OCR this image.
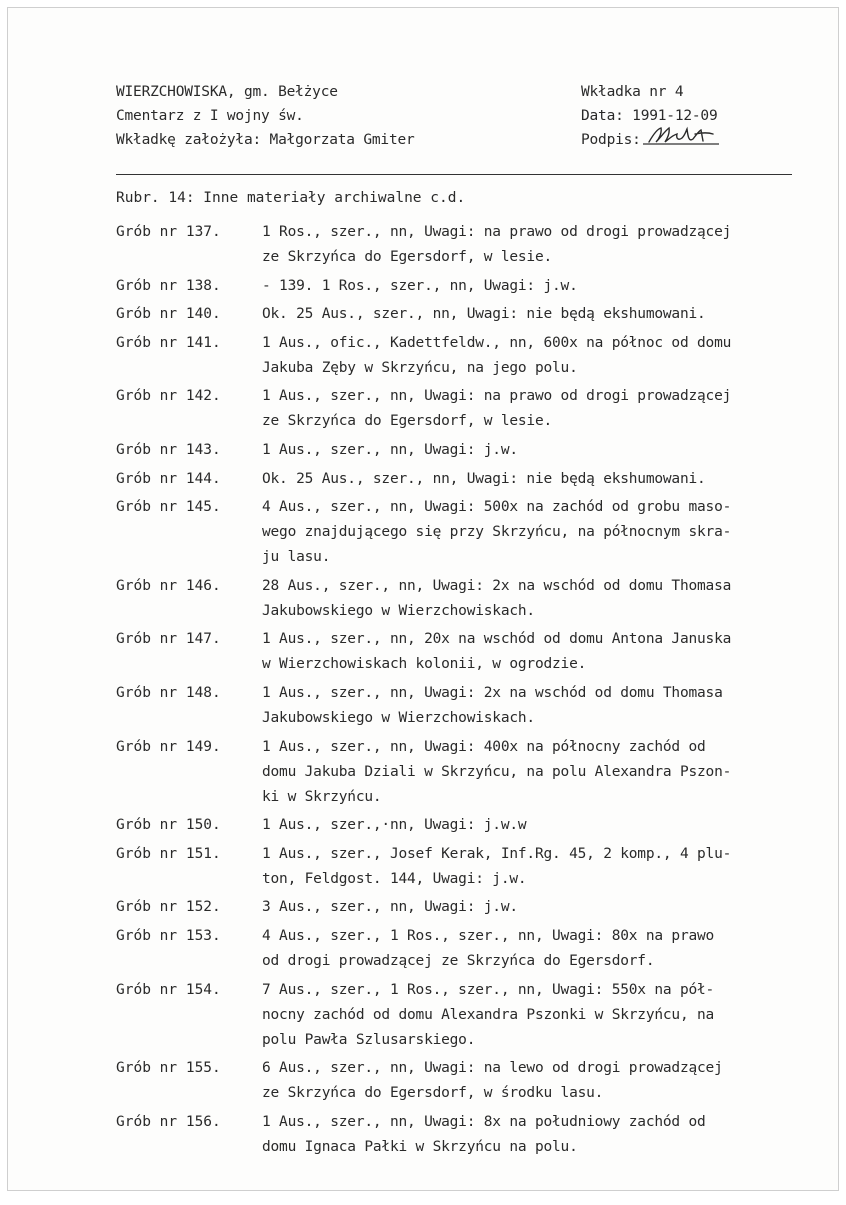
WIERZCHOWISKA, gm. Bełżyce
Cmentarz z I wojny św.
Wkładkę założyła: Małgorzata Gmiter
Wkładka nr 4
Data: 1991-12-09
Podpis:
Rubr. 14: Inne materiały archiwalne c.d.
Grób nr 137.	1 Ros., szer., nn, Uwagi: na prawo od drogi prowadzącej
ze Skrzyńca do Egersdorf, w lesie.
Grób nr 138.	- 139. 1 Ros., szer., nn, Uwagi: j.w.
Grób nr 140.	Ok. 25 Aus., szer., nn, Uwagi: nie będą ekshumowani.
Grób nr 141.	1 Aus., ofic., Kadettfeldw., nn, 600x na północ od domu
Jakuba Zęby w Skrzyńcu, na jego polu.
Grób nr 142.	1 Aus., szer., nn, Uwagi: na prawo od drogi prowadzącej
ze Skrzyńca do Egersdorf, w lesie.
Grób nr 143.	1 Aus., szer., nn, Uwagi: j.w.
Grób nr 144.	Ok. 25 Aus., szer., nn, Uwagi: nie będą ekshumowani.
Grób nr 145.	4 Aus., szer., nn, Uwagi: 500x na zachód od grobu maso-
wego znajdującego się przy Skrzyńcu, na północnym skra-
ju lasu.
Grób nr 146.	28 Aus., szer., nn, Uwagi: 2x na wschód od domu Thomasa
Jakubowskiego w Wierzchowiskach.
Grób nr 147.	1 Aus., szer., nn, 20x na wschód od domu Antona Januska
w Wierzchowiskach kolonii, w ogrodzie.
Grób nr 148.	1 Aus., szer., nn, Uwagi: 2x na wschód od domu Thomasa
Jakubowskiego w Wierzchowiskach.
Grób nr 149.	1 Aus., szer., nn, Uwagi: 400x na północny zachód od
domu Jakuba Dziali w Skrzyńcu, na polu Alexandra Pszon-
ki w Skrzyńcu.
Grób nr 150.	1 Aus., szer.,·nn, Uwagi: j.w.w
Grób nr 151.	1 Aus., szer., Josef Kerak, Inf.Rg. 45, 2 komp., 4 plu-
ton, Feldgost. 144, Uwagi: j.w.
Grób nr 152.	3 Aus., szer., nn, Uwagi: j.w.
Grób nr 153.	4 Aus., szer., 1 Ros., szer., nn, Uwagi: 80x na prawo
od drogi prowadzącej ze Skrzyńca do Egersdorf.
Grób nr 154.	7 Aus., szer., 1 Ros., szer., nn, Uwagi: 550x na pół-
nocny zachód od domu Alexandra Pszonki w Skrzyńcu, na
polu Pawła Szlusarskiego.
Grób nr 155.	6 Aus., szer., nn, Uwagi: na lewo od drogi prowadzącej
ze Skrzyńca do Egersdorf, w środku lasu.
Grób nr 156.	1 Aus., szer., nn, Uwagi: 8x na południowy zachód od
domu Ignaca Pałki w Skrzyńcu na polu.
